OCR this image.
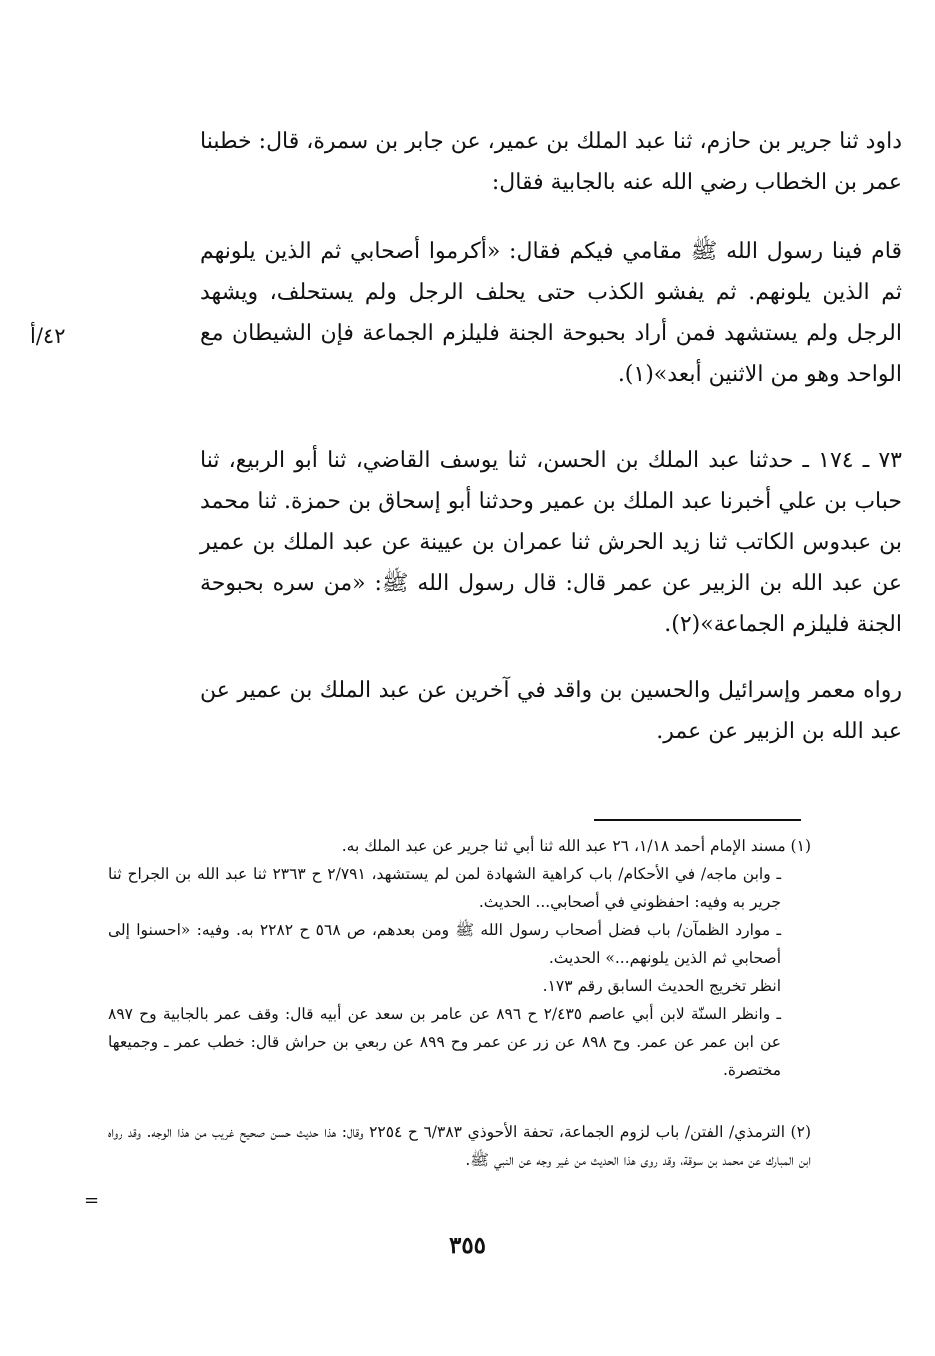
داود ثنا جرير بن حازم، ثنا عبد الملك بن عمير، عن جابر بن سمرة، قال: خطبنا عمر بن الخطاب رضي الله عنه بالجابية فقال:

قام فينا رسول الله ﷺ مقامي فيكم فقال: «أكرموا أصحابي ثم الذين يلونهم ثم الذين يلونهم. ثم يفشو الكذب حتى يحلف الرجل ولم يستحلف، ويشهد الرجل ولم يستشهد فمن أراد بحبوحة الجنة فليلزم الجماعة فإن الشيطان مع الواحد وهو من الاثنين أبعد»(١).

٧٣ ـ ١٧٤ ـ حدثنا عبد الملك بن الحسن، ثنا يوسف القاضي، ثنا أبو الربيع، ثنا حباب بن علي أخبرنا عبد الملك بن عمير وحدثنا أبو إسحاق بن حمزة. ثنا محمد بن عبدوس الكاتب ثنا زيد الحرش ثنا عمران بن عيينة عن عبد الملك بن عمير عن عبد الله بن الزبير عن عمر قال: قال رسول الله ﷺ: «من سره بحبوحة الجنة فليلزم الجماعة»(٢).

رواه معمر وإسرائيل والحسين بن واقد في آخرين عن عبد الملك بن عمير عن عبد الله بن الزبير عن عمر.

٤٢/أ

(١) مسند الإمام أحمد ١/١٨، ٢٦ عبد الله ثنا أبي ثنا جرير عن عبد الملك به.

ـ وابن ماجه/ في الأحكام/ باب كراهية الشهادة لمن لم يستشهد، ٢/٧٩١ ح ٢٣٦٣ ثنا عبد الله بن الجراح ثنا جرير به وفيه: احفظوني في أصحابي... الحديث.

ـ موارد الظمآن/ باب فضل أصحاب رسول الله ﷺ ومن بعدهم، ص ٥٦٨ ح ٢٢٨٢ به. وفيه: «احسنوا إلى أصحابي ثم الذين يلونهم...» الحديث.

انظر تخريج الحديث السابق رقم ١٧٣.

ـ وانظر السنّة لابن أبي عاصم ٢/٤٣٥ ح ٨٩٦ عن عامر بن سعد عن أبيه قال: وقف عمر بالجابية وح ٨٩٧ عن ابن عمر عن عمر. وح ٨٩٨ عن زر عن عمر وح ٨٩٩ عن ربعي بن حراش قال: خطب عمر ـ وجميعها مختصرة.

(٢) الترمذي/ الفتن/ باب لزوم الجماعة، تحفة الأحوذي ٦/٣٨٣ ح ٢٢٥٤ وقال: هذا حديث حسن صحيح غريب من هذا الوجه. وقد رواه ابن المبارك عن محمد بن سوقة، وقد روى هذا الحديث من غير وجه عن النبي ﷺ.

=
٣٥٥
